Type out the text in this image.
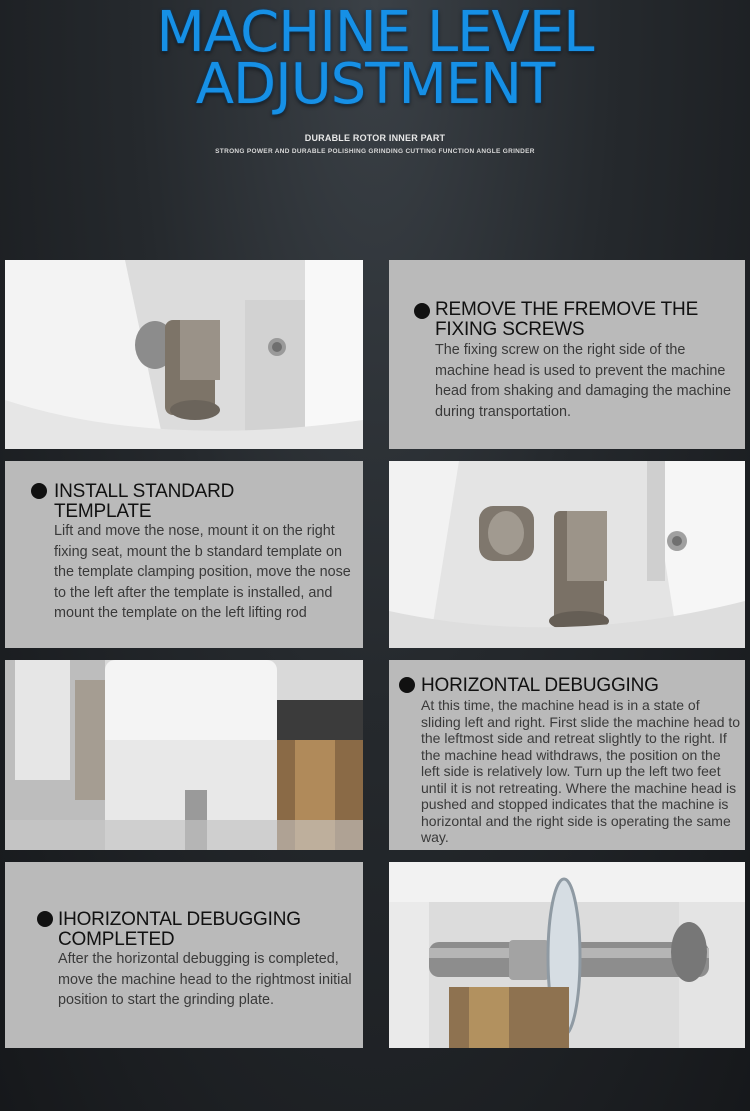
MACHINE LEVEL
ADJUSTMENT
DURABLE ROTOR INNER PART
STRONG POWER AND DURABLE POLISHING GRINDING CUTTING FUNCTION ANGLE GRINDER
REMOVE THE FREMOVE THE FIXING SCREWS
The fixing screw on the right side of the machine head is used to prevent the machine head from shaking and damaging the machine during transportation.
INSTALL STANDARD TEMPLATE
Lift and move the nose, mount it on the right fixing seat, mount the b standard template on the template clamping position, move the nose to the left after the template is installed, and mount the template on the left lifting rod
HORIZONTAL DEBUGGING
At this time, the machine head is in a state of sliding left and right. First slide the machine head to the leftmost side and retreat slightly to the right. If the machine head withdraws, the position on the left side is relatively low. Turn up the left two feet until it is not retreating. Where the machine head is pushed and stopped indicates that the machine is horizontal and the right side is operating the same way.
IHORIZONTAL DEBUGGING COMPLETED
After the horizontal debugging is completed, move the machine head to the rightmost initial position to start the grinding plate.
